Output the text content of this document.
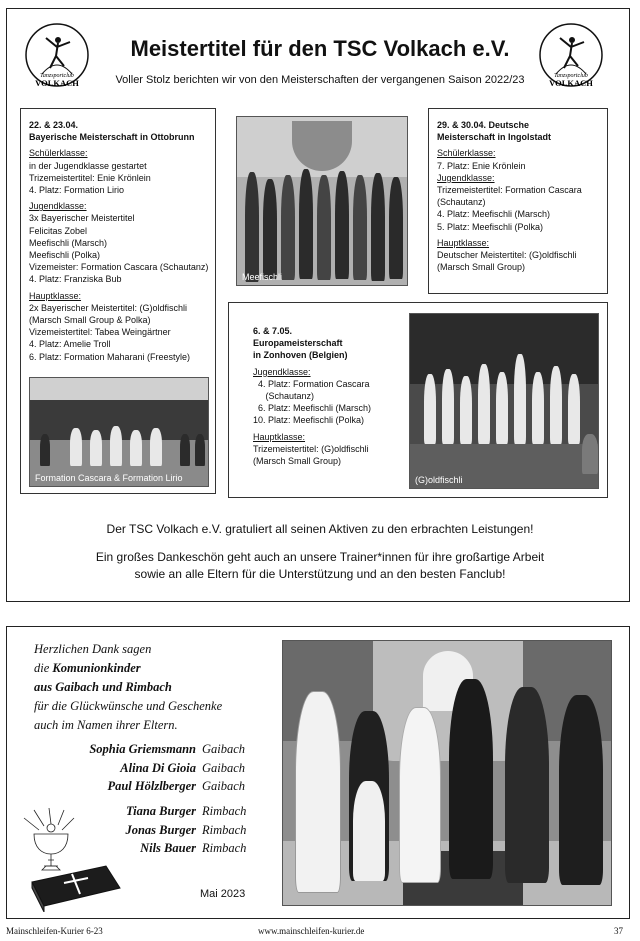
Tanzsportclub
VOLKACH
Tanzsportclub
VOLKACH
Meistertitel für den TSC Volkach e.V.
Voller Stolz berichten wir von den Meisterschaften der vergangenen Saison 2022/23
22. & 23.04.
Bayerische Meisterschaft in Ottobrunn
Schülerklasse:
in der Jugendklasse gestartet
Trizemeistertitel: Enie Krönlein
4. Platz: Formation Lirio
Jugendklasse:
3x Bayerischer Meistertitel
Felicitas Zobel
Meefischli (Marsch)
Meefischli (Polka)
Vizemeister: Formation Cascara (Schautanz)
4. Platz: Franziska Bub
Hauptklasse:
2x Bayerischer Meistertitel: (G)oldfischli
(Marsch Small Group & Polka)
Vizemeistertitel: Tabea Weingärtner
4. Platz: Amelie Troll
6. Platz: Formation Maharani (Freestyle)
Formation Cascara & Formation Lirio
Meefischli
29. & 30.04. Deutsche
Meisterschaft in Ingolstadt
Schülerklasse:
7. Platz: Enie Krönlein
Jugendklasse:
Trizemeistertitel: Formation Cascara
(Schautanz)
4. Platz: Meefischli (Marsch)
5. Platz: Meefischli (Polka)
Hauptklasse:
Deutscher Meistertitel: (G)oldfischli
(Marsch Small Group)
6. & 7.05.
Europameisterschaft
in Zonhoven (Belgien)
Jugendklasse:
4. Platz: Formation Cascara
(Schautanz)
6. Platz: Meefischli (Marsch)
10. Platz: Meefischli (Polka)
Hauptklasse:
Trizemeistertitel: (G)oldfischli
(Marsch Small Group)
(G)oldfischli
Der TSC Volkach e.V. gratuliert all seinen Aktiven zu den erbrachten Leistungen!
Ein großes Dankeschön geht auch an unsere Trainer*innen für ihre großartige Arbeit
sowie an alle Eltern für die Unterstützung und an den besten Fanclub!
Herzlichen Dank sagen
die Komunionkinder
aus Gaibach und Rimbach
für die Glückwünsche und Geschenke
auch im Namen ihrer Eltern.
Sophia Griemsmann Gaibach
Alina Di Gioia Gaibach
Paul Hölzlberger Gaibach
Tiana Burger Rimbach
Jonas Burger Rimbach
Nils Bauer Rimbach
Mai 2023
Mainschleifen-Kurier 6-23	www.mainschleifen-kurier.de	37
